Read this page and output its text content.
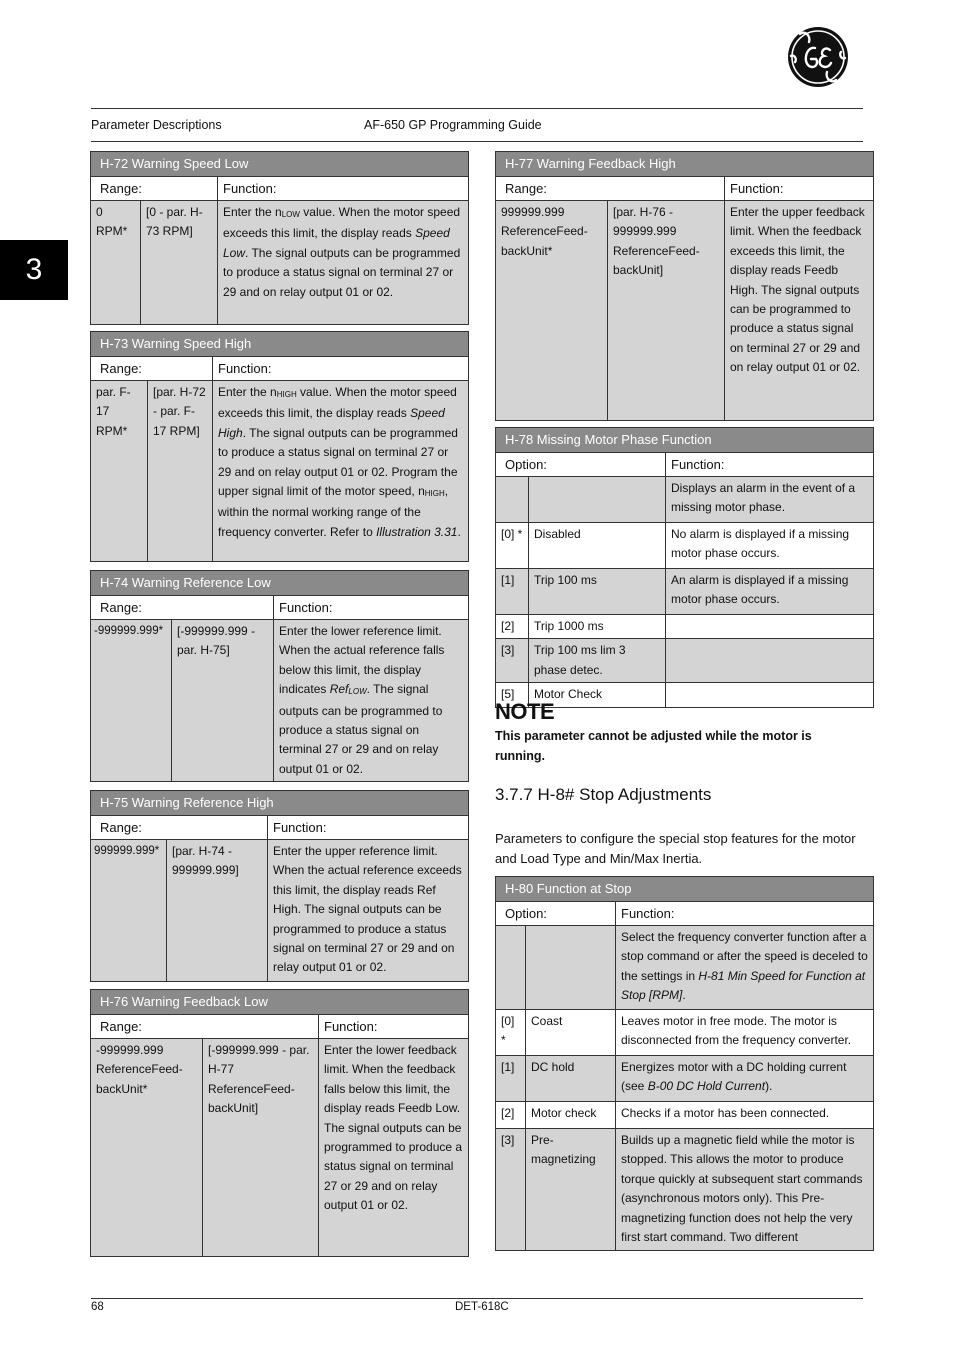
Parameter Descriptions	AF-650 GP Programming Guide
3
H-72 Warning Speed Low		
Range:		Function:
0 RPM*	[0 - par. H-73 RPM]	Enter the $n_{LOW}$ value. When the motor speed exceeds this limit, the display reads Speed Low. The signal outputs can be programmed to produce a status signal on terminal 27 or 29 and on relay output 01 or 02.
H-73 Warning Speed High		
Range:		Function:
par. F-17 RPM*	[par. H-72 - par. F-17 RPM]	Enter the $n_{HIGH}$ value. When the motor speed exceeds this limit, the display reads Speed High. The signal outputs can be programmed to produce a status signal on terminal 27 or 29 and on relay output 01 or 02. Program the upper signal limit of the motor speed, $n_{HIGH}$, within the normal working range of the frequency converter. Refer to Illustration 3.31.
H-74 Warning Reference Low		
Range:		Function:
-999999.999*	[-999999.999 - par. H-75]	Enter the lower reference limit. When the actual reference falls below this limit, the display indicates Ref$_{LOW}$. The signal outputs can be programmed to produce a status signal on terminal 27 or 29 and on relay output 01 or 02.
H-75 Warning Reference High		
Range:		Function:
999999.999*	[par. H-74 - 999999.999]	Enter the upper reference limit. When the actual reference exceeds this limit, the display reads Ref High. The signal outputs can be programmed to produce a status signal on terminal 27 or 29 and on relay output 01 or 02.
H-76 Warning Feedback Low		
Range:		Function:
-999999.999 ReferenceFeed-backUnit*	[-999999.999 - par. H-77 ReferenceFeed-backUnit]	Enter the lower feedback limit. When the feedback falls below this limit, the display reads Feedb Low. The signal outputs can be programmed to produce a status signal on terminal 27 or 29 and on relay output 01 or 02.
H-77 Warning Feedback High		
Range:		Function:
999999.999 ReferenceFeed-backUnit*	[par. H-76 - 999999.999 ReferenceFeed-backUnit]	Enter the upper feedback limit. When the feedback exceeds this limit, the display reads Feedb High. The signal outputs can be programmed to produce a status signal on terminal 27 or 29 and on relay output 01 or 02.
H-78 Missing Motor Phase Function		
Option:		Function:
		Displays an alarm in the event of a missing motor phase.
[0] *	Disabled	No alarm is displayed if a missing motor phase occurs.
[1]	Trip 100 ms	An alarm is displayed if a missing motor phase occurs.
[2]	Trip 1000 ms	
[3]	Trip 100 ms lim 3 phase detec.	
[5]	Motor Check	
NOTE
This parameter cannot be adjusted while the motor is running.
3.7.7 H-8# Stop Adjustments
Parameters to configure the special stop features for the motor and Load Type and Min/Max Inertia.
H-80 Function at Stop		
Option:		Function:
		Select the frequency converter function after a stop command or after the speed is deceled to the settings in H-81 Min Speed for Function at Stop [RPM].
[0] *	Coast	Leaves motor in free mode. The motor is disconnected from the frequency converter.
[1]	DC hold	Energizes motor with a DC holding current (see B-00 DC Hold Current).
[2]	Motor check	Checks if a motor has been connected.
[3]	Pre-magnetizing	Builds up a magnetic field while the motor is stopped. This allows the motor to produce torque quickly at subsequent start commands (asynchronous motors only). This Pre-magnetizing function does not help the very first start command. Two different
68	DET-618C
